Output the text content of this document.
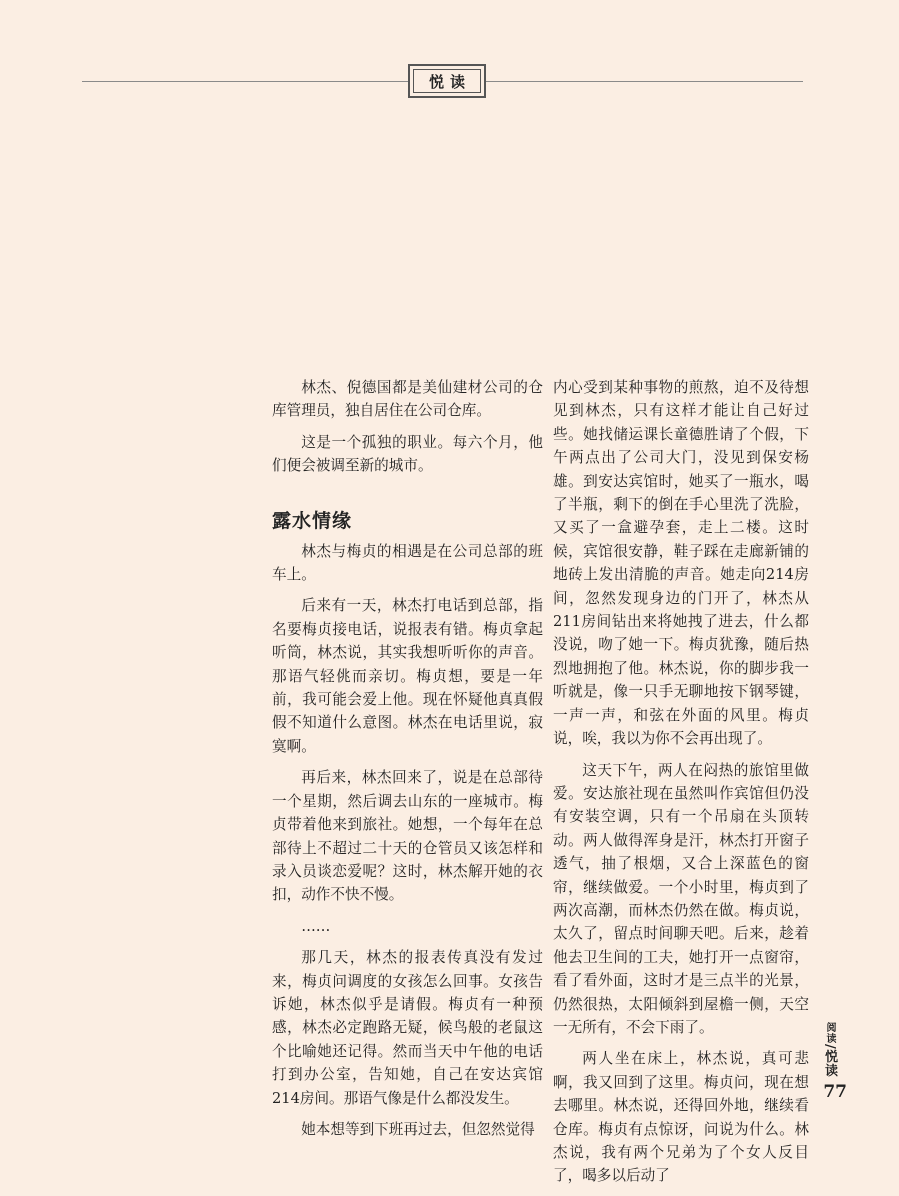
悦读

林杰、倪德国都是美仙建材公司的仓库管理员，独自居住在公司仓库。

这是一个孤独的职业。每六个月，他们便会被调至新的城市。

露水情缘

林杰与梅贞的相遇是在公司总部的班车上。

后来有一天，林杰打电话到总部，指名要梅贞接电话，说报表有错。梅贞拿起听筒，林杰说，其实我想听听你的声音。那语气轻佻而亲切。梅贞想，要是一年前，我可能会爱上他。现在怀疑他真真假假不知道什么意图。林杰在电话里说，寂寞啊。

再后来，林杰回来了，说是在总部待一个星期，然后调去山东的一座城市。梅贞带着他来到旅社。她想，一个每年在总部待上不超过二十天的仓管员又该怎样和录入员谈恋爱呢？这时，林杰解开她的衣扣，动作不快不慢。

……

那几天，林杰的报表传真没有发过来，梅贞问调度的女孩怎么回事。女孩告诉她，林杰似乎是请假。梅贞有一种预感，林杰必定跑路无疑，候鸟般的老鼠这个比喻她还记得。然而当天中午他的电话打到办公室，告知她，自己在安达宾馆214房间。那语气像是什么都没发生。

她本想等到下班再过去，但忽然觉得

内心受到某种事物的煎熬，迫不及待想见到林杰，只有这样才能让自己好过些。她找储运课长童德胜请了个假，下午两点出了公司大门，没见到保安杨雄。到安达宾馆时，她买了一瓶水，喝了半瓶，剩下的倒在手心里洗了洗脸，又买了一盒避孕套，走上二楼。这时候，宾馆很安静，鞋子踩在走廊新铺的地砖上发出清脆的声音。她走向214房间，忽然发现身边的门开了，林杰从211房间钻出来将她拽了进去，什么都没说，吻了她一下。梅贞犹豫，随后热烈地拥抱了他。林杰说，你的脚步我一听就是，像一只手无聊地按下钢琴键，一声一声，和弦在外面的风里。梅贞说，唉，我以为你不会再出现了。

这天下午，两人在闷热的旅馆里做爱。安达旅社现在虽然叫作宾馆但仍没有安装空调，只有一个吊扇在头顶转动。两人做得浑身是汗，林杰打开窗子透气，抽了根烟，又合上深蓝色的窗帘，继续做爱。一个小时里，梅贞到了两次高潮，而林杰仍然在做。梅贞说，太久了，留点时间聊天吧。后来，趁着他去卫生间的工夫，她打开一点窗帘，看了看外面，这时才是三点半的光景，仍然很热，太阳倾斜到屋檐一侧，天空一无所有，不会下雨了。

两人坐在床上，林杰说，真可悲啊，我又回到了这里。梅贞问，现在想去哪里。林杰说，还得回外地，继续看仓库。梅贞有点惊讶，问说为什么。林杰说，我有两个兄弟为了个女人反目了，喝多以后动了

阅读/悦读
77
